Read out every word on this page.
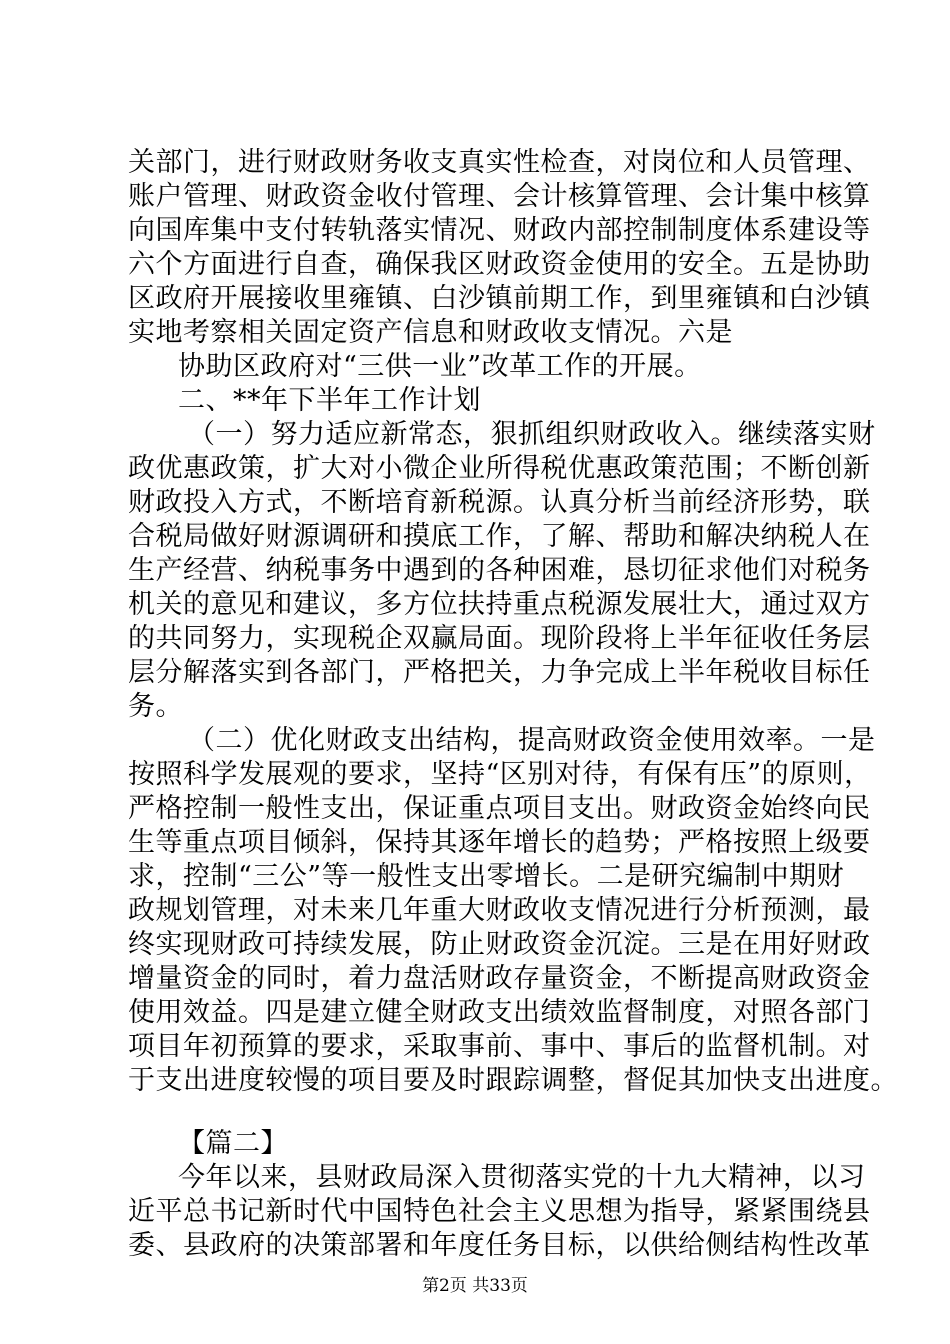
关部门，进行财政财务收支真实性检查，对岗位和人员管理、
账户管理、财政资金收付管理、会计核算管理、会计集中核算
向国库集中支付转轨落实情况、财政内部控制制度体系建设等
六个方面进行自查，确保我区财政资金使用的安全。五是协助
区政府开展接收里雍镇、白沙镇前期工作，到里雍镇和白沙镇
实地考察相关固定资产信息和财政收支情况。六是
协助区政府对“三供一业”改革工作的开展。
二、**年下半年工作计划
（一）努力适应新常态，狠抓组织财政收入。继续落实财
政优惠政策，扩大对小微企业所得税优惠政策范围；不断创新
财政投入方式，不断培育新税源。认真分析当前经济形势，联
合税局做好财源调研和摸底工作，了解、帮助和解决纳税人在
生产经营、纳税事务中遇到的各种困难，恳切征求他们对税务
机关的意见和建议，多方位扶持重点税源发展壮大，通过双方
的共同努力，实现税企双赢局面。现阶段将上半年征收任务层
层分解落实到各部门，严格把关，力争完成上半年税收目标任
务。
（二）优化财政支出结构，提高财政资金使用效率。一是
按照科学发展观的要求，坚持“区别对待，有保有压”的原则，
严格控制一般性支出，保证重点项目支出。财政资金始终向民
生等重点项目倾斜，保持其逐年增长的趋势；严格按照上级要
求，控制“三公”等一般性支出零增长。二是研究编制中期财
政规划管理，对未来几年重大财政收支情况进行分析预测，最
终实现财政可持续发展，防止财政资金沉淀。三是在用好财政
增量资金的同时，着力盘活财政存量资金，不断提高财政资金
使用效益。四是建立健全财政支出绩效监督制度，对照各部门
项目年初预算的要求，采取事前、事中、事后的监督机制。对
于支出进度较慢的项目要及时跟踪调整，督促其加快支出进度。
【篇二】
今年以来，县财政局深入贯彻落实党的十九大精神，以习
近平总书记新时代中国特色社会主义思想为指导，紧紧围绕县
委、县政府的决策部署和年度任务目标，以供给侧结构性改革
第2页 共33页
